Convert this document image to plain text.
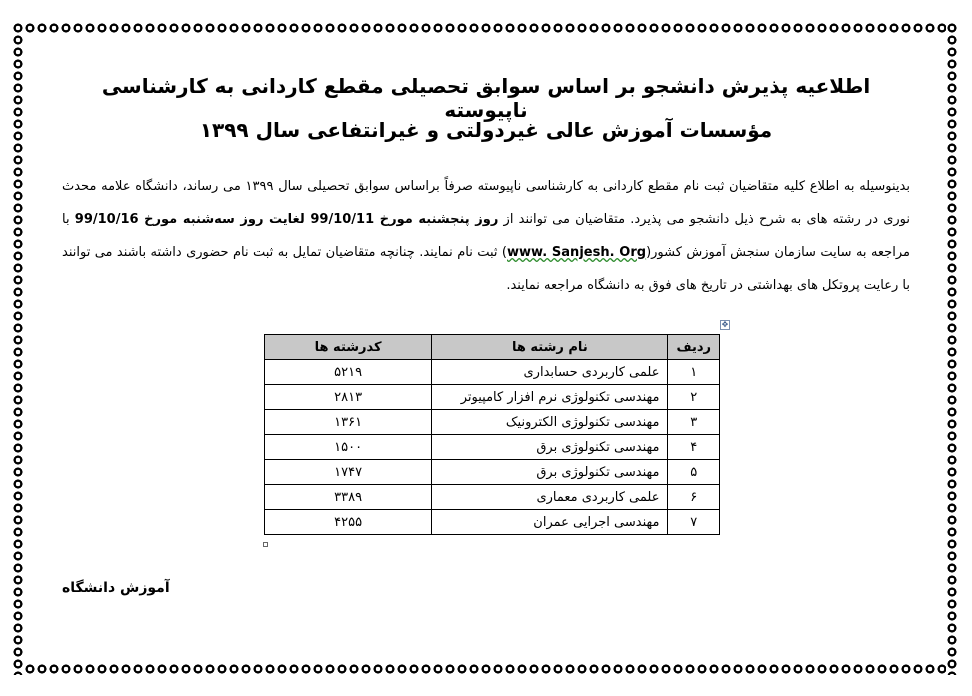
اطلاعیه پذیرش دانشجو بر اساس سوابق تحصیلی مقطع کاردانی به کارشناسی ناپیوسته
مؤسسات آموزش عالی غیردولتی و غیرانتفاعی سال ۱۳۹۹
بدینوسیله به اطلاع کلیه متقاضیان ثبت نام مقطع کاردانی به کارشناسی ناپیوسته صرفاً براساس سوابق تحصیلی سال ۱۳۹۹ می رساند، دانشگاه علامه محدث نوری در رشته های به شرح ذیل دانشجو می پذیرد. متقاضیان می توانند از روز پنجشنبه مورخ 99/10/11 لغایت روز سه‌شنبه مورخ 99/10/16 با مراجعه به سایت سازمان سنجش آموزش کشور(www. Sanjesh. Org) ثبت نام نمایند. چنانچه متقاضیان تمایل به ثبت نام حضوری داشته باشند می توانند با رعایت پروتکل های بهداشتی در تاریخ های فوق به دانشگاه مراجعه نمایند.
✥
ردیف	نام رشته ها	کدرشته ها
۱	علمی کاربردی حسابداری	۵۲۱۹
۲	مهندسی تکنولوژی نرم افزار کامپیوتر	۲۸۱۳
۳	مهندسی تکنولوژی الکترونیک	۱۳۶۱
۴	مهندسی تکنولوژی برق	۱۵۰۰
۵	مهندسی تکنولوژی برق	۱۷۴۷
۶	علمی کاربردی معماری	۳۳۸۹
۷	مهندسی اجرایی عمران	۴۲۵۵
آموزش دانشگاه
